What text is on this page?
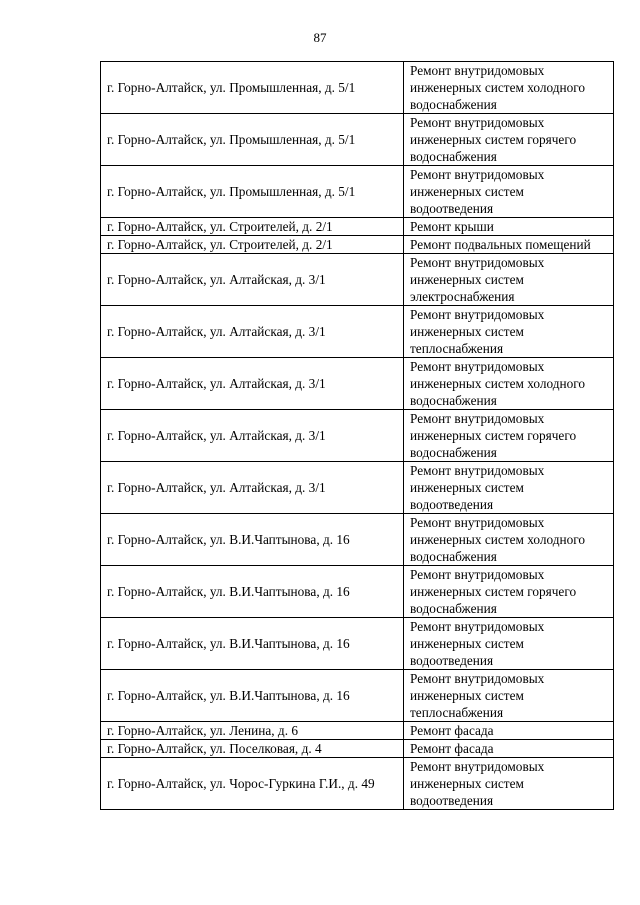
87
г. Горно-Алтайск, ул. Промышленная, д. 5/1	Ремонт внутридомовых инженерных систем холодного водоснабжения
г. Горно-Алтайск, ул. Промышленная, д. 5/1	Ремонт внутридомовых инженерных систем горячего водоснабжения
г. Горно-Алтайск, ул. Промышленная, д. 5/1	Ремонт внутридомовых инженерных систем водоотведения
г. Горно-Алтайск, ул. Строителей, д. 2/1	Ремонт крыши
г. Горно-Алтайск, ул. Строителей, д. 2/1	Ремонт подвальных помещений
г. Горно-Алтайск, ул. Алтайская, д. 3/1	Ремонт внутридомовых инженерных систем электроснабжения
г. Горно-Алтайск, ул. Алтайская, д. 3/1	Ремонт внутридомовых инженерных систем теплоснабжения
г. Горно-Алтайск, ул. Алтайская, д. 3/1	Ремонт внутридомовых инженерных систем холодного водоснабжения
г. Горно-Алтайск, ул. Алтайская, д. 3/1	Ремонт внутридомовых инженерных систем горячего водоснабжения
г. Горно-Алтайск, ул. Алтайская, д. 3/1	Ремонт внутридомовых инженерных систем водоотведения
г. Горно-Алтайск, ул. В.И.Чаптынова, д. 16	Ремонт внутридомовых инженерных систем холодного водоснабжения
г. Горно-Алтайск, ул. В.И.Чаптынова, д. 16	Ремонт внутридомовых инженерных систем горячего водоснабжения
г. Горно-Алтайск, ул. В.И.Чаптынова, д. 16	Ремонт внутридомовых инженерных систем водоотведения
г. Горно-Алтайск, ул. В.И.Чаптынова, д. 16	Ремонт внутридомовых инженерных систем теплоснабжения
г. Горно-Алтайск, ул. Ленина, д. 6	Ремонт фасада
г. Горно-Алтайск, ул. Поселковая, д. 4	Ремонт фасада
г. Горно-Алтайск, ул. Чорос-Гуркина Г.И., д. 49	Ремонт внутридомовых инженерных систем водоотведения
